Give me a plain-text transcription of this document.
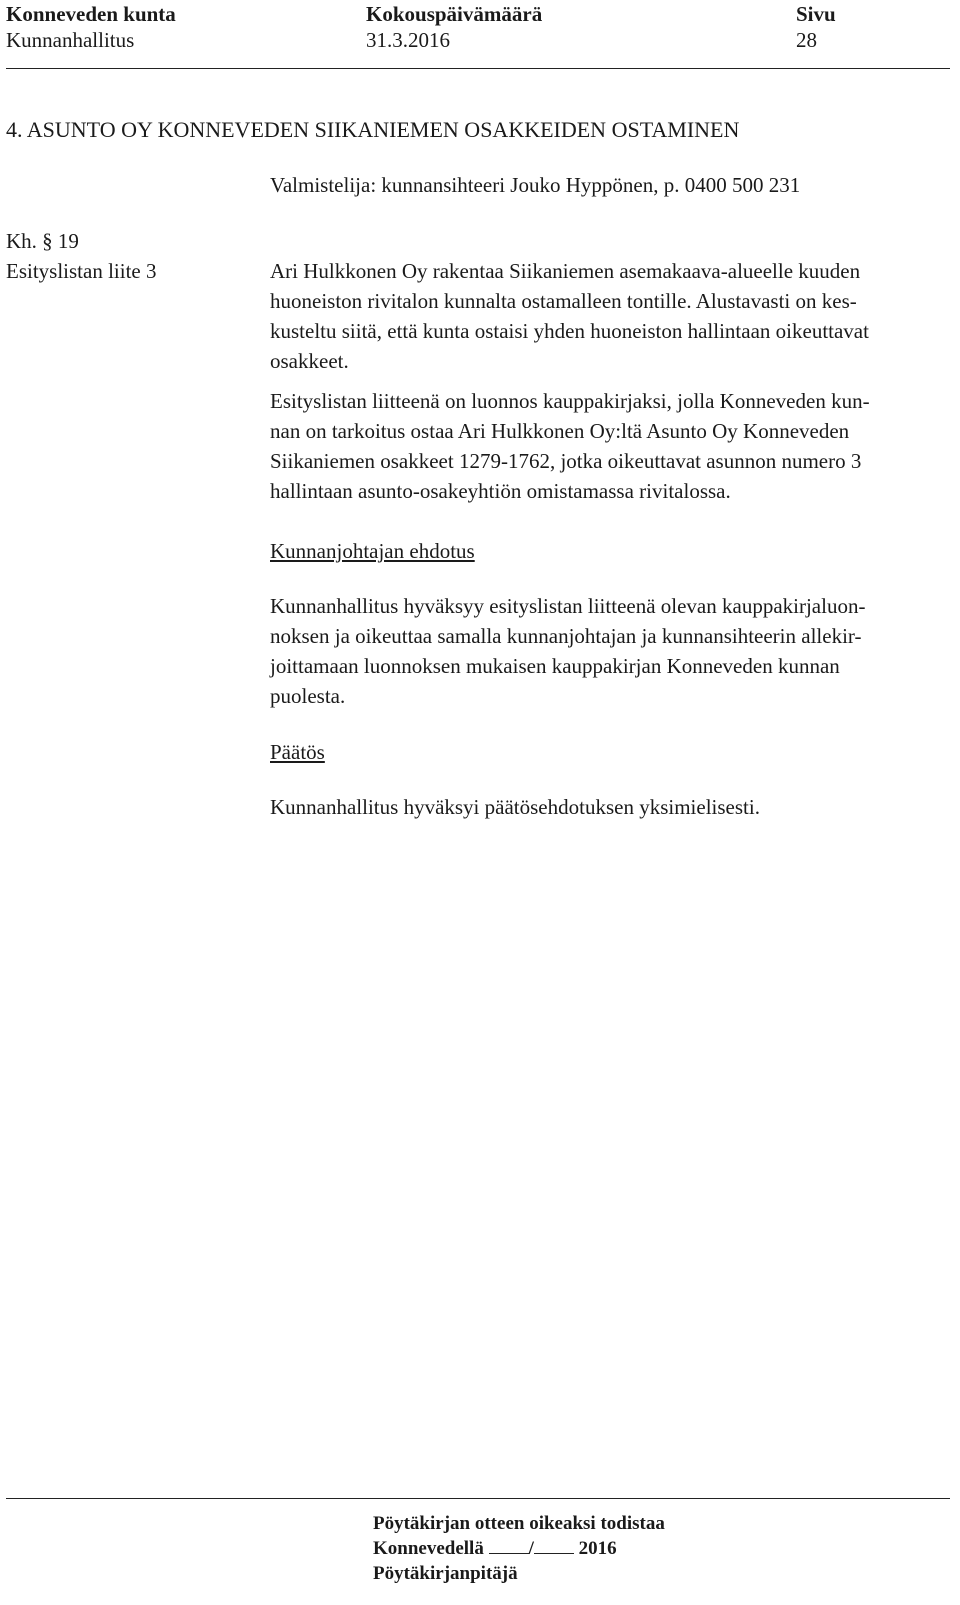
Konneveden kunta
Kunnanhallitus
Kokouspäivämäärä
31.3.2016
Sivu
28
4. ASUNTO OY KONNEVEDEN SIIKANIEMEN OSAKKEIDEN OSTAMINEN
Valmistelija: kunnansihteeri Jouko Hyppönen, p. 0400 500 231
Kh. § 19
Esityslistan liite 3	Ari Hulkkonen Oy rakentaa Siikaniemen asemakaava-alueelle kuuden

huoneiston rivitalon kunnalta ostamalleen tontille. Alustavasti on kes-

kusteltu siitä, että kunta ostaisi yhden huoneiston hallintaan oikeuttavat

osakkeet.

Esityslistan liitteenä on luonnos kauppakirjaksi, jolla Konneveden kun-

nan on tarkoitus ostaa Ari Hulkkonen Oy:ltä Asunto Oy Konneveden

Siikaniemen osakkeet 1279-1762, jotka oikeuttavat asunnon numero 3

hallintaan asunto-osakeyhtiön omistamassa rivitalossa.

Kunnanjohtajan ehdotus

Kunnanhallitus hyväksyy esityslistan liitteenä olevan kauppakirjaluon-

noksen ja oikeuttaa samalla kunnanjohtajan ja kunnansihteerin allekir-

joittamaan luonnoksen mukaisen kauppakirjan Konneveden kunnan

puolesta.

Päätös
Kunnanhallitus hyväksyi päätösehdotuksen yksimielisesti.
Pöytäkirjan otteen oikeaksi todistaa
Konnevedellä / 2016
Pöytäkirjanpitäjä
